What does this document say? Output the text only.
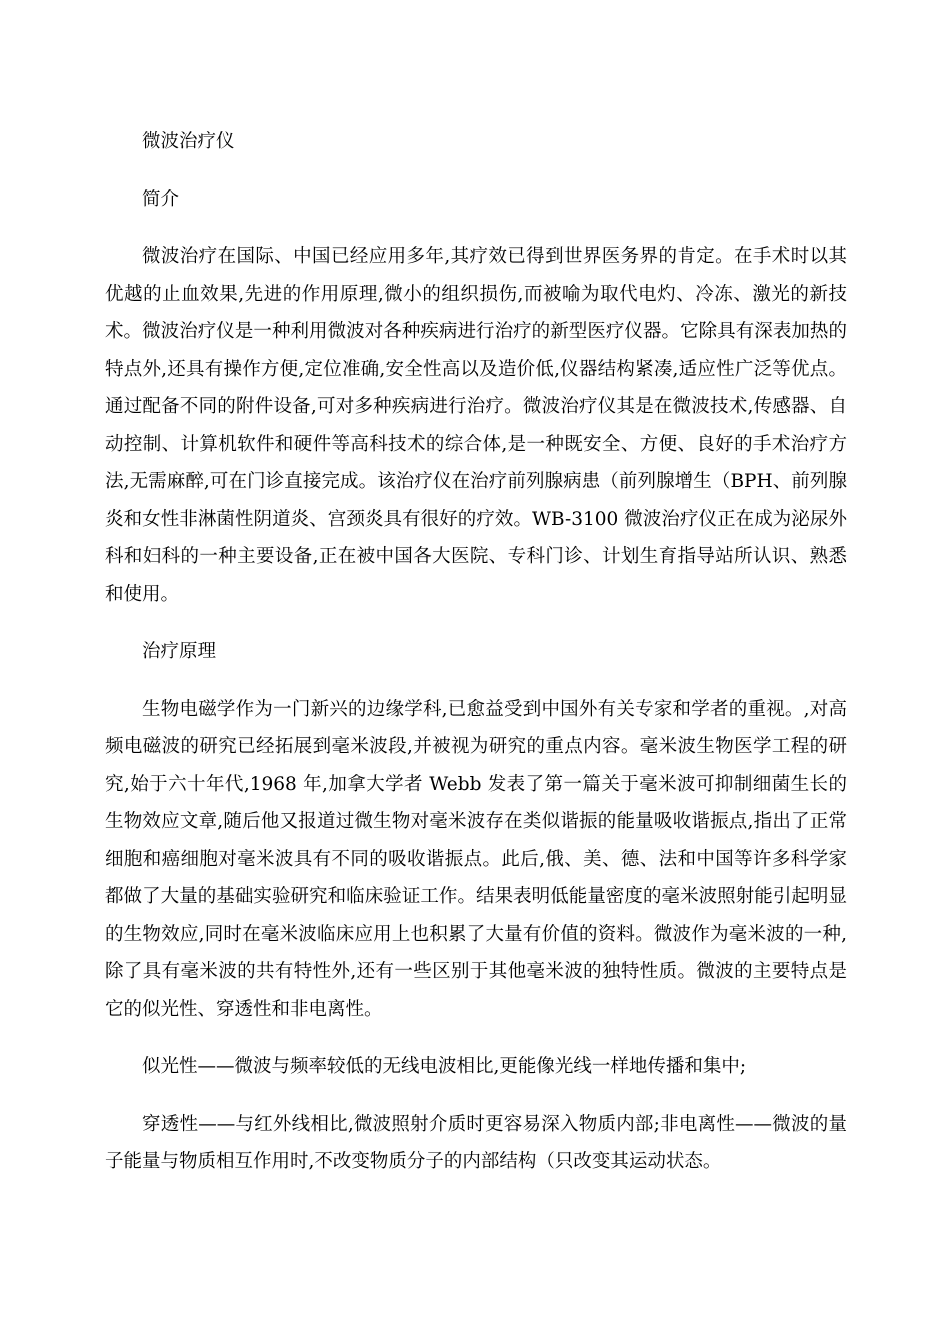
微波治疗仪

简介

微波治疗在国际、中国已经应用多年,其疗效已得到世界医务界的肯定。在手术时以其优越的止血效果,先进的作用原理,微小的组织损伤,而被喻为取代电灼、冷冻、激光的新技术。微波治疗仪是一种利用微波对各种疾病进行治疗的新型医疗仪器。它除具有深表加热的特点外,还具有操作方便,定位准确,安全性高以及造价低,仪器结构紧凑,适应性广泛等优点。通过配备不同的附件设备,可对多种疾病进行治疗。微波治疗仪其是在微波技术,传感器、自动控制、计算机软件和硬件等高科技术的综合体,是一种既安全、方便、良好的手术治疗方法,无需麻醉,可在门诊直接完成。该治疗仪在治疗前列腺病患（前列腺增生（BPH、前列腺炎和女性非淋菌性阴道炎、宫颈炎具有很好的疗效。WB-3100 微波治疗仪正在成为泌尿外科和妇科的一种主要设备,正在被中国各大医院、专科门诊、计划生育指导站所认识、熟悉和使用。

治疗原理

生物电磁学作为一门新兴的边缘学科,已愈益受到中国外有关专家和学者的重视。,对高频电磁波的研究已经拓展到毫米波段,并被视为研究的重点内容。毫米波生物医学工程的研究,始于六十年代,1968 年,加拿大学者 Webb 发表了第一篇关于毫米波可抑制细菌生长的生物效应文章,随后他又报道过微生物对毫米波存在类似谐振的能量吸收谐振点,指出了正常细胞和癌细胞对毫米波具有不同的吸收谐振点。此后,俄、美、德、法和中国等许多科学家都做了大量的基础实验研究和临床验证工作。结果表明低能量密度的毫米波照射能引起明显的生物效应,同时在毫米波临床应用上也积累了大量有价值的资料。微波作为毫米波的一种,除了具有毫米波的共有特性外,还有一些区别于其他毫米波的独特性质。微波的主要特点是它的似光性、穿透性和非电离性。

似光性——微波与频率较低的无线电波相比,更能像光线一样地传播和集中;

穿透性——与红外线相比,微波照射介质时更容易深入物质内部;非电离性——微波的量子能量与物质相互作用时,不改变物质分子的内部结构（只改变其运动状态。
